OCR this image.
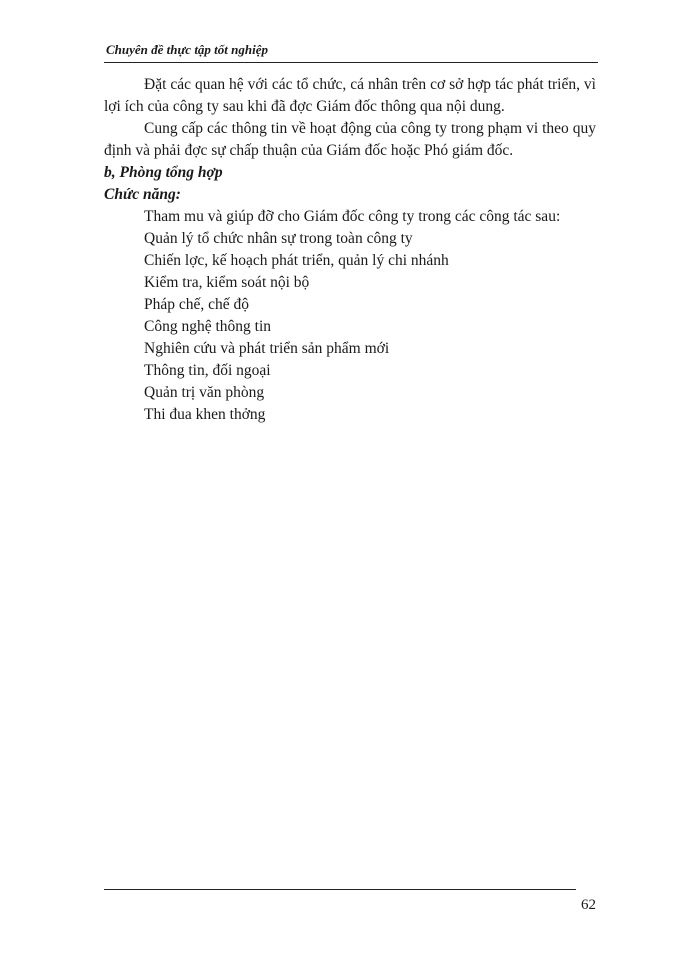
Chuyên đề thực tập tốt nghiệp

Đặt các quan hệ với các tổ chức, cá nhân trên cơ sở hợp tác phát triển, vì lợi ích của công ty sau khi đã đợc Giám đốc thông qua nội dung.

Cung cấp các thông tin về hoạt động của công ty trong phạm vi theo quy định và phải đợc sự chấp thuận của Giám đốc hoặc Phó giám đốc.

b, Phòng tổng hợp

Chức năng:

Tham mu và giúp đỡ cho Giám đốc công ty trong các công tác sau:

Quản lý tổ chức nhân sự trong toàn công ty
Chiến lợc, kế hoạch phát triển, quản lý chi nhánh
Kiểm tra, kiểm soát nội bộ
Pháp chế, chế độ
Công nghệ thông tin
Nghiên cứu và phát triển sản phẩm mới
Thông tin, đối ngoại
Quản trị văn phòng
Thi đua khen thởng
62
